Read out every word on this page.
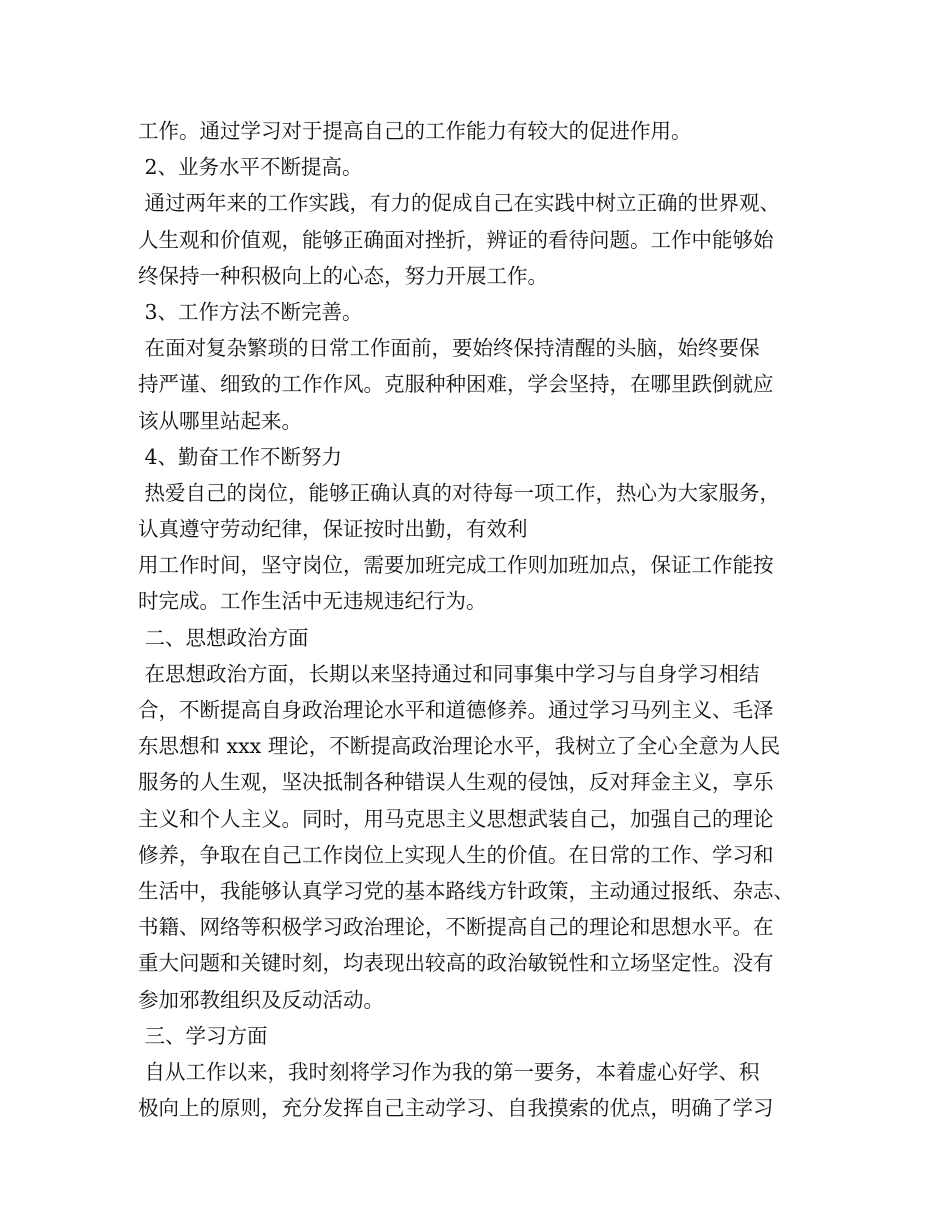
工作。通过学习对于提高自己的工作能力有较大的促进作用。
2、业务水平不断提高。
通过两年来的工作实践，有力的促成自己在实践中树立正确的世界观、
人生观和价值观，能够正确面对挫折，辨证的看待问题。工作中能够始
终保持一种积极向上的心态，努力开展工作。
3、工作方法不断完善。
在面对复杂繁琐的日常工作面前，要始终保持清醒的头脑，始终要保
持严谨、细致的工作作风。克服种种困难，学会坚持，在哪里跌倒就应
该从哪里站起来。
4、勤奋工作不断努力
热爱自己的岗位，能够正确认真的对待每一项工作，热心为大家服务，
认真遵守劳动纪律，保证按时出勤，有效利
用工作时间，坚守岗位，需要加班完成工作则加班加点，保证工作能按
时完成。工作生活中无违规违纪行为。
二、思想政治方面
在思想政治方面，长期以来坚持通过和同事集中学习与自身学习相结
合，不断提高自身政治理论水平和道德修养。通过学习马列主义、毛泽
东思想和 xxx 理论，不断提高政治理论水平，我树立了全心全意为人民
服务的人生观，坚决抵制各种错误人生观的侵蚀，反对拜金主义，享乐
主义和个人主义。同时，用马克思主义思想武装自己，加强自己的理论
修养，争取在自己工作岗位上实现人生的价值。在日常的工作、学习和
生活中，我能够认真学习党的基本路线方针政策，主动通过报纸、杂志、
书籍、网络等积极学习政治理论，不断提高自己的理论和思想水平。在
重大问题和关键时刻，均表现出较高的政治敏锐性和立场坚定性。没有
参加邪教组织及反动活动。
三、学习方面
自从工作以来，我时刻将学习作为我的第一要务，本着虚心好学、积
极向上的原则，充分发挥自己主动学习、自我摸索的优点，明确了学习
